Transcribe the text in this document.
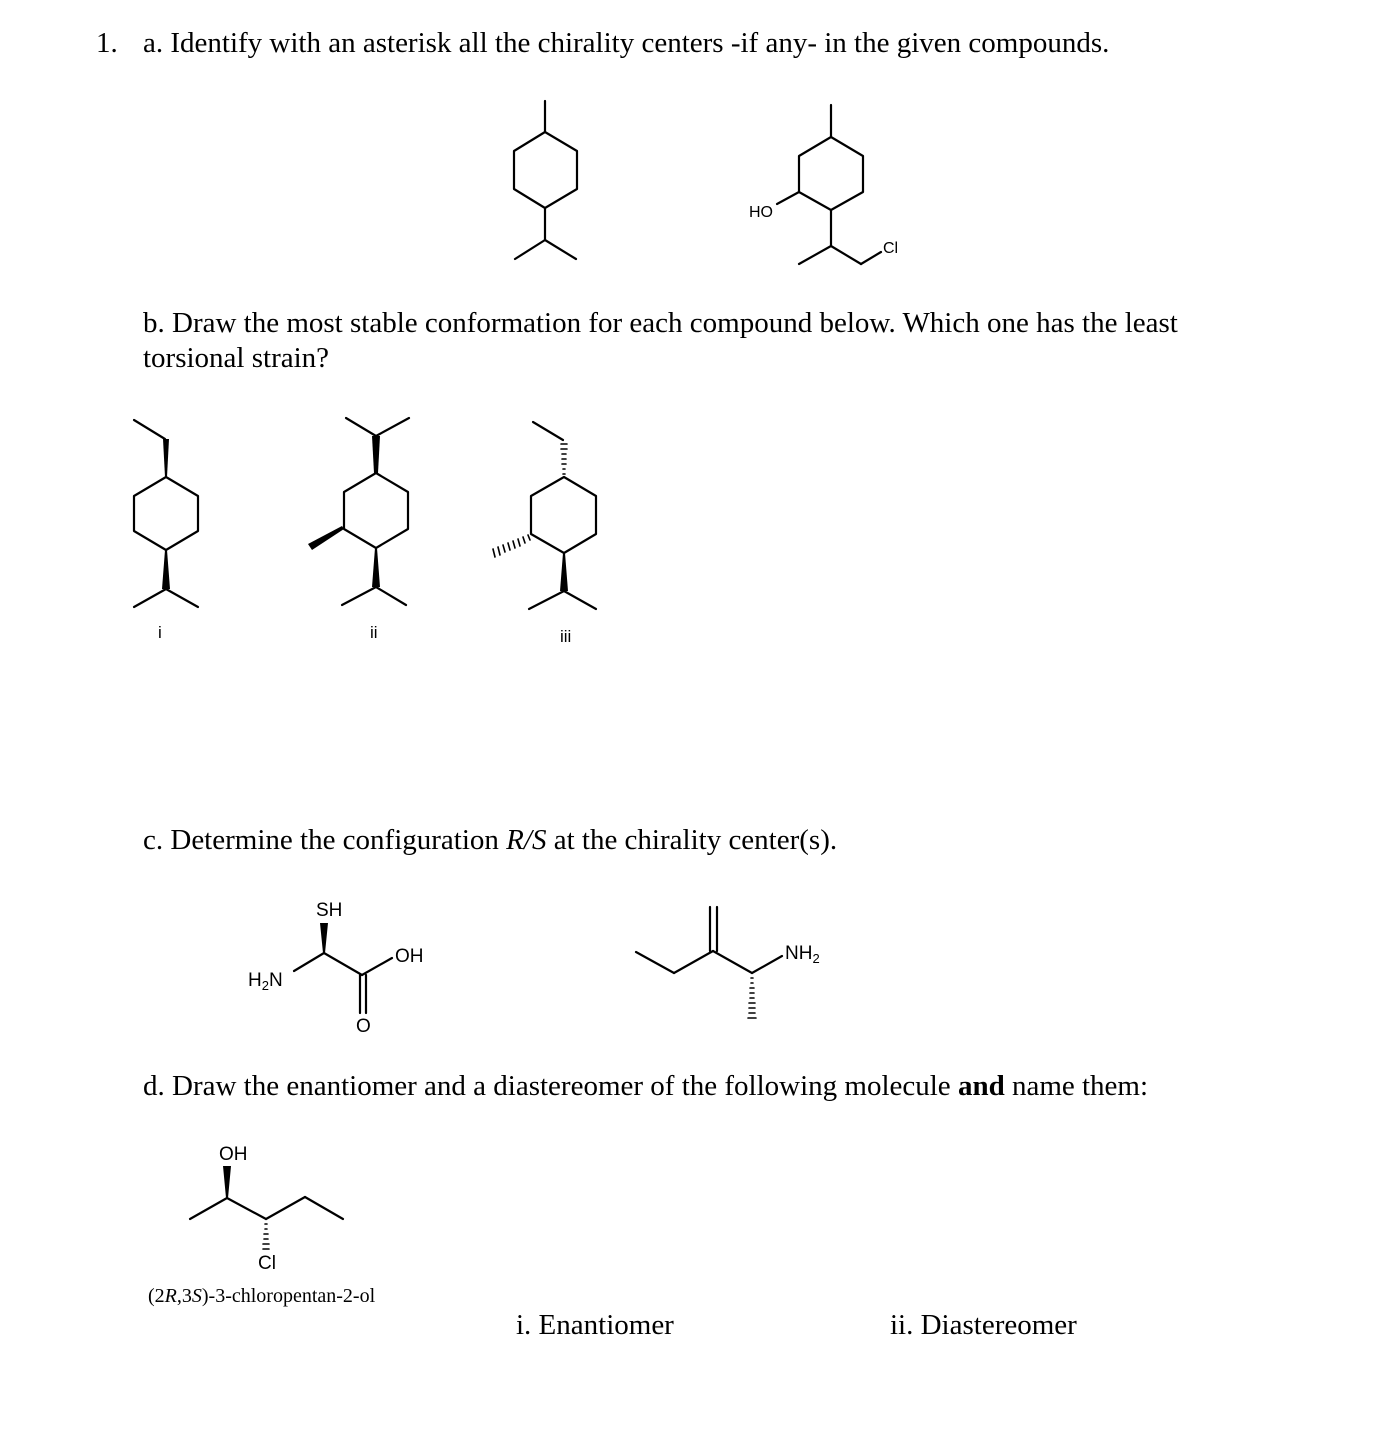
1. a. Identify with an asterisk all the chirality centers -if any- in the given compounds.
b. Draw the most stable conformation for each compound below. Which one has the least
torsional strain?
c. Determine the configuration R/S at the chirality center(s).
d. Draw the enantiomer and a diastereomer of the following molecule and name them:
(2R,3S)-3-chloropentan-2-ol
i. Enantiomer	ii. Diastereomer
HO
Cl
i	ii	iii
SH
$H_2N$
OH
O
$NH_2$
OH
Cl
